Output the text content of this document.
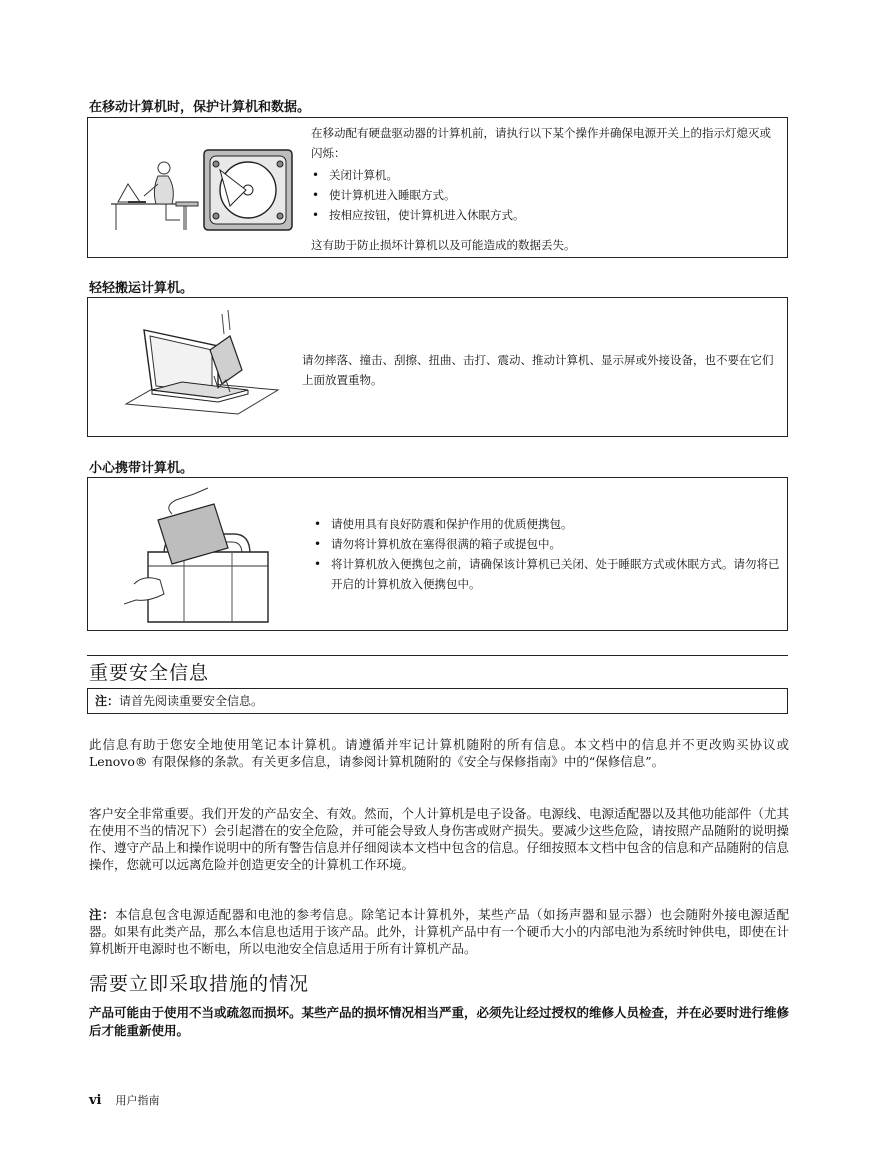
在移动计算机时，保护计算机和数据。

在移动配有硬盘驱动器的计算机前，请执行以下某个操作并确保电源开关上的指示灯熄灭或闪烁：

• 关闭计算机。
• 使计算机进入睡眠方式。
• 按相应按钮，使计算机进入休眠方式。

这有助于防止损坏计算机以及可能造成的数据丢失。

轻轻搬运计算机。

请勿摔落、撞击、刮擦、扭曲、击打、震动、推动计算机、显示屏或外接设备，也不要在它们上面放置重物。

小心携带计算机。
• 请使用具有良好防震和保护作用的优质便携包。
• 请勿将计算机放在塞得很满的箱子或提包中。
• 将计算机放入便携包之前，请确保该计算机已关闭、处于睡眠方式或休眠方式。请勿将已开启的计算机放入便携包中。
重要安全信息
注：请首先阅读重要安全信息。

此信息有助于您安全地使用笔记本计算机。请遵循并牢记计算机随附的所有信息。本文档中的信息并不更改购买协议或 Lenovo® 有限保修的条款。有关更多信息，请参阅计算机随附的《安全与保修指南》中的“保修信息”。

客户安全非常重要。我们开发的产品安全、有效。然而，个人计算机是电子设备。电源线、电源适配器以及其他功能部件（尤其在使用不当的情况下）会引起潜在的安全危险，并可能会导致人身伤害或财产损失。要减少这些危险，请按照产品随附的说明操作、遵守产品上和操作说明中的所有警告信息并仔细阅读本文档中包含的信息。仔细按照本文档中包含的信息和产品随附的信息操作，您就可以远离危险并创造更安全的计算机工作环境。

注：本信息包含电源适配器和电池的参考信息。除笔记本计算机外，某些产品（如扬声器和显示器）也会随附外接电源适配器。如果有此类产品，那么本信息也适用于该产品。此外，计算机产品中有一个硬币大小的内部电池为系统时钟供电，即使在计算机断开电源时也不断电，所以电池安全信息适用于所有计算机产品。

需要立即采取措施的情况

产品可能由于使用不当或疏忽而损坏。某些产品的损坏情况相当严重，必须先让经过授权的维修人员检查，并在必要时进行维修后才能重新使用。

vi 用户指南
